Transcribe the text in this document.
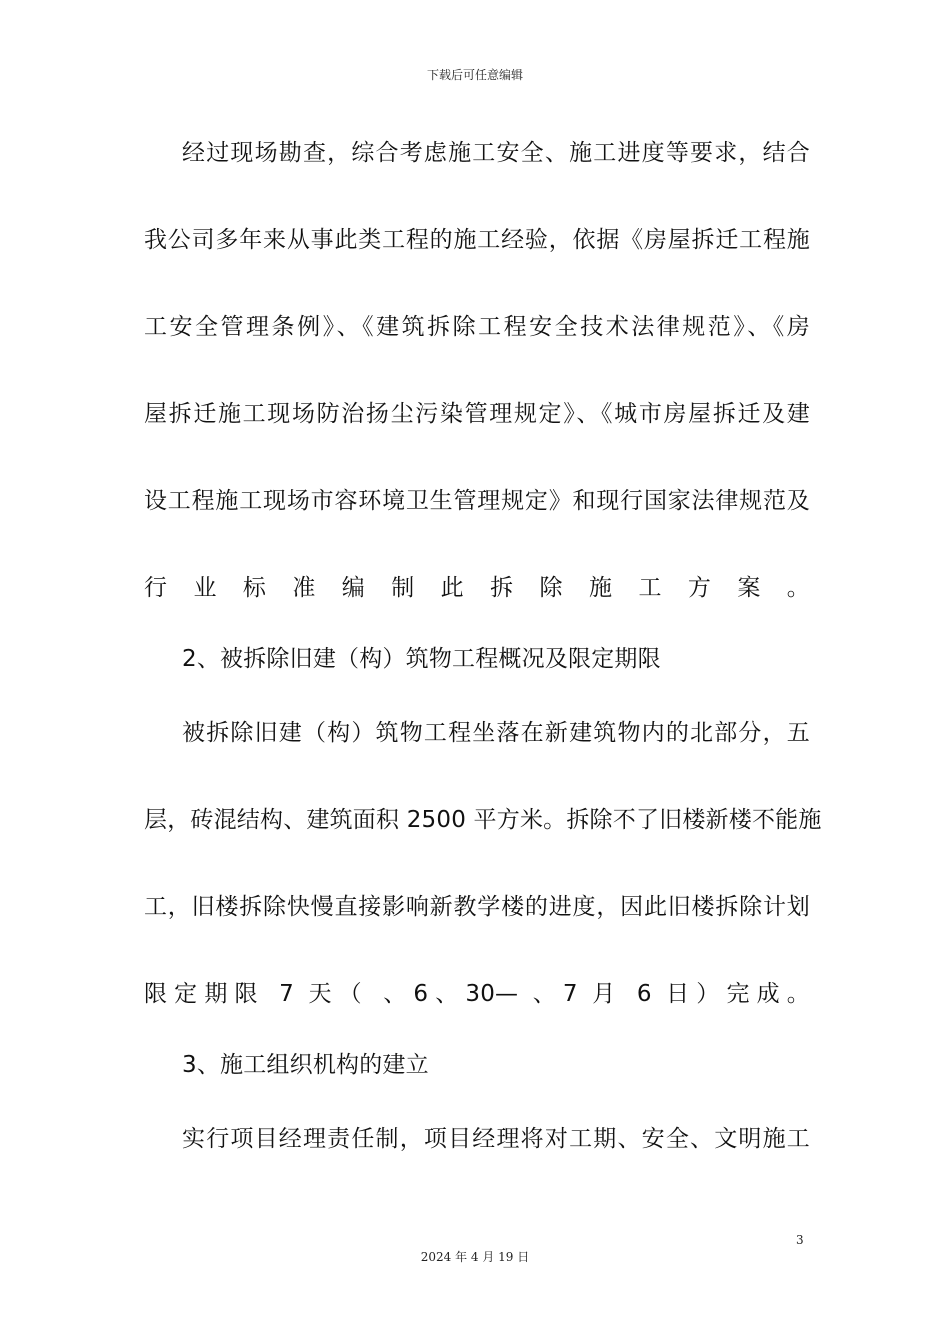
下载后可任意编辑
经过现场勘查，综合考虑施工安全、施工进度等要求，结合
我公司多年来从事此类工程的施工经验，依据《房屋拆迁工程施
工安全管理条例》、《建筑拆除工程安全技术法律规范》、《房
屋拆迁施工现场防治扬尘污染管理规定》、《城市房屋拆迁及建
设工程施工现场市容环境卫生管理规定》和现行国家法律规范及
行业标准编制此拆除施工方案。
2、被拆除旧建（构）筑物工程概况及限定期限
被拆除旧建（构）筑物工程坐落在新建筑物内的北部分，五
层，砖混结构、建筑面积 2500 平方米。拆除不了旧楼新楼不能施
工，旧楼拆除快慢直接影响新教学楼的进度，因此旧楼拆除计划
限定期限 7 天（ 、6、30— 、7 月 6 日）完成。
3、施工组织机构的建立
实行项目经理责任制，项目经理将对工期、安全、文明施工
3
2024 年 4 月 19 日
